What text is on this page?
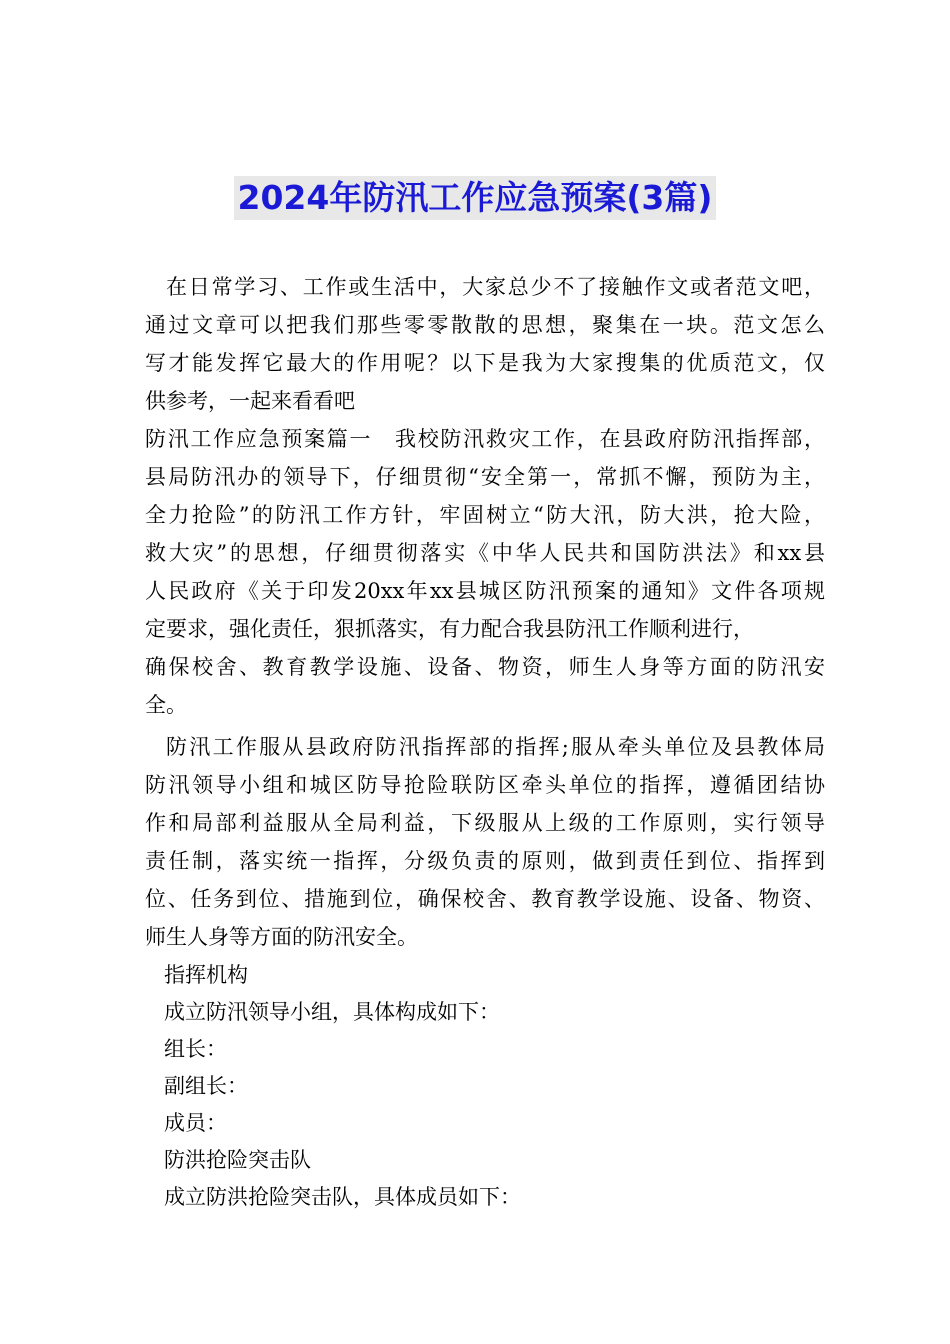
2024年防汛工作应急预案(3篇)
在日常学习、工作或生活中，大家总少不了接触作文或者范文吧，
通过文章可以把我们那些零零散散的思想，聚集在一块。范文怎么
写才能发挥它最大的作用呢？以下是我为大家搜集的优质范文，仅
供参考，一起来看看吧
防汛工作应急预案篇一　我校防汛救灾工作，在县政府防汛指挥部，
县局防汛办的领导下，仔细贯彻“安全第一，常抓不懈，预防为主，
全力抢险”的防汛工作方针，牢固树立“防大汛，防大洪，抢大险，
救大灾”的思想，仔细贯彻落实《中华人民共和国防洪法》和xx县
人民政府《关于印发20xx年xx县城区防汛预案的通知》文件各项规
定要求，强化责任，狠抓落实，有力配合我县防汛工作顺利进行，
确保校舍、教育教学设施、设备、物资，师生人身等方面的防汛安
全。
防汛工作服从县政府防汛指挥部的指挥;服从牵头单位及县教体局
防汛领导小组和城区防导抢险联防区牵头单位的指挥，遵循团结协
作和局部利益服从全局利益，下级服从上级的工作原则，实行领导
责任制，落实统一指挥，分级负责的原则，做到责任到位、指挥到
位、任务到位、措施到位，确保校舍、教育教学设施、设备、物资、
师生人身等方面的防汛安全。
指挥机构
成立防汛领导小组，具体构成如下：
组长：
副组长：
成员：
防洪抢险突击队
成立防洪抢险突击队，具体成员如下：
